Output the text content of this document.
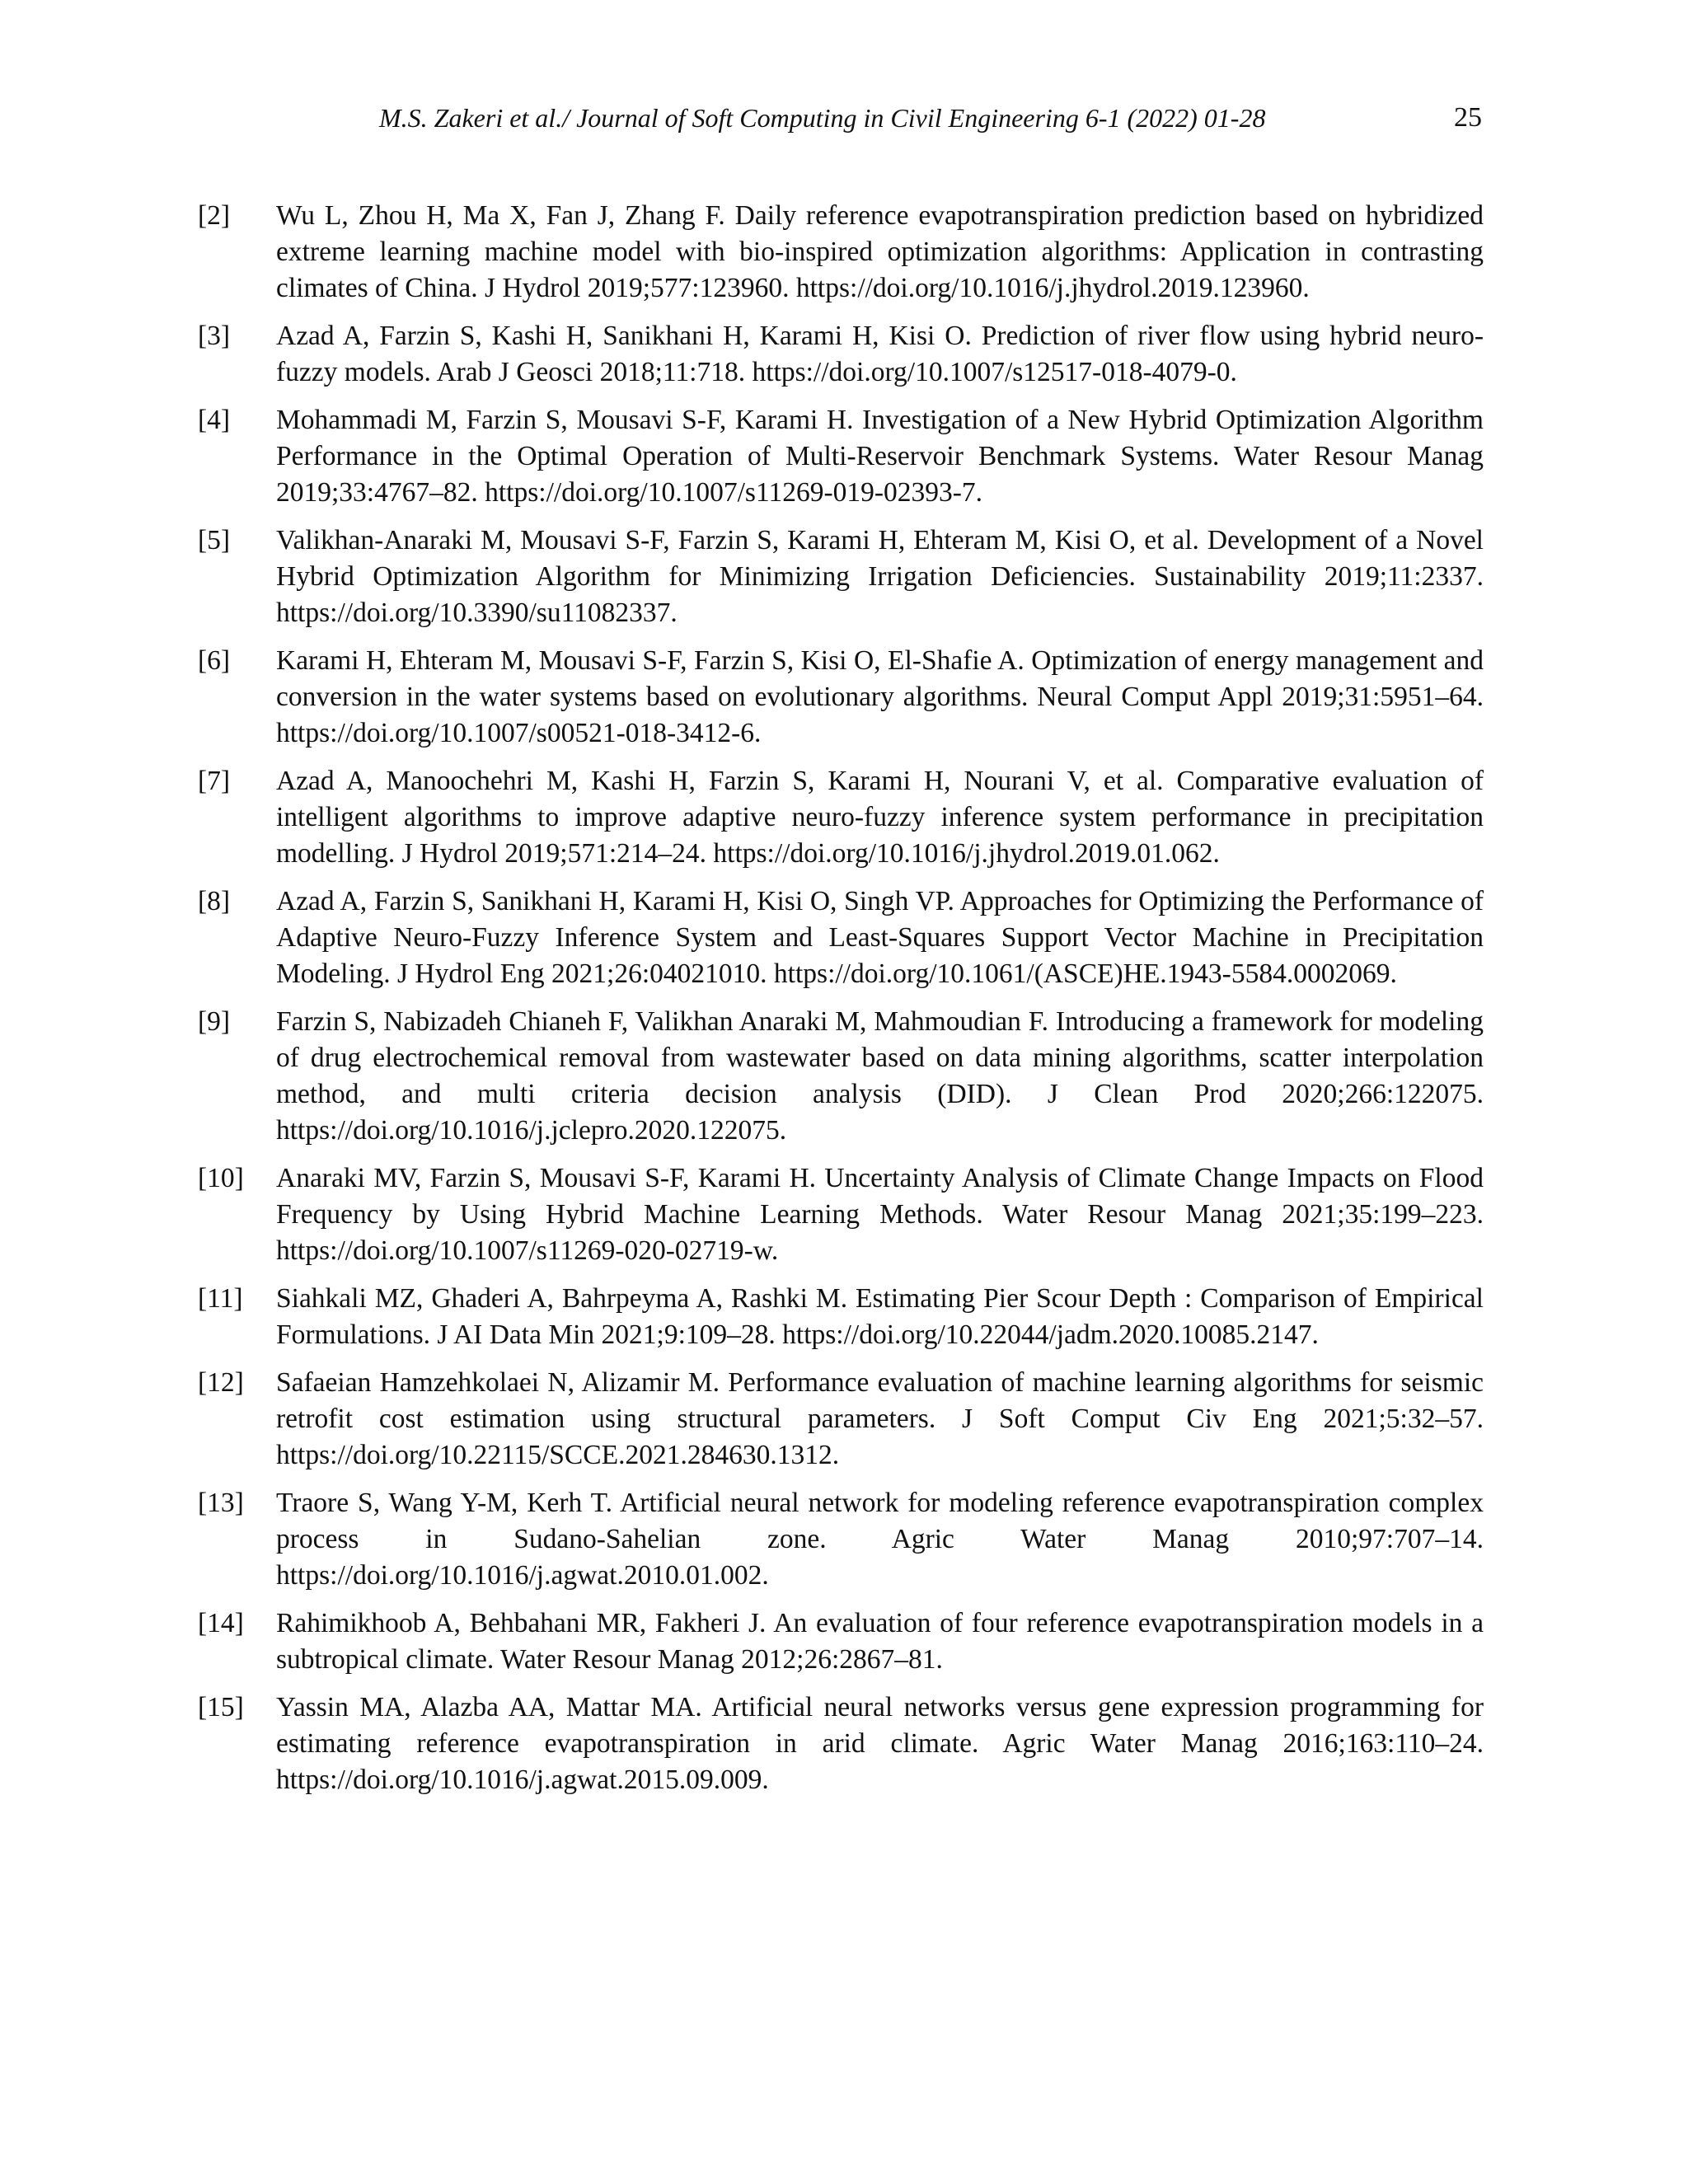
M.S. Zakeri et al./ Journal of Soft Computing in Civil Engineering 6-1 (2022) 01-28	25
[2]	Wu L, Zhou H, Ma X, Fan J, Zhang F. Daily reference evapotranspiration prediction based on hybridized extreme learning machine model with bio-inspired optimization algorithms: Application in contrasting climates of China. J Hydrol 2019;577:123960. https://doi.org/10.1016/j.jhydrol.2019.123960.
[3]	Azad A, Farzin S, Kashi H, Sanikhani H, Karami H, Kisi O. Prediction of river flow using hybrid neuro-fuzzy models. Arab J Geosci 2018;11:718. https://doi.org/10.1007/s12517-018-4079-0.
[4]	Mohammadi M, Farzin S, Mousavi S-F, Karami H. Investigation of a New Hybrid Optimization Algorithm Performance in the Optimal Operation of Multi-Reservoir Benchmark Systems. Water Resour Manag 2019;33:4767–82. https://doi.org/10.1007/s11269-019-02393-7.
[5]	Valikhan-Anaraki M, Mousavi S-F, Farzin S, Karami H, Ehteram M, Kisi O, et al. Development of a Novel Hybrid Optimization Algorithm for Minimizing Irrigation Deficiencies. Sustainability 2019;11:2337. https://doi.org/10.3390/su11082337.
[6]	Karami H, Ehteram M, Mousavi S-F, Farzin S, Kisi O, El-Shafie A. Optimization of energy management and conversion in the water systems based on evolutionary algorithms. Neural Comput Appl 2019;31:5951–64. https://doi.org/10.1007/s00521-018-3412-6.
[7]	Azad A, Manoochehri M, Kashi H, Farzin S, Karami H, Nourani V, et al. Comparative evaluation of intelligent algorithms to improve adaptive neuro-fuzzy inference system performance in precipitation modelling. J Hydrol 2019;571:214–24. https://doi.org/10.1016/j.jhydrol.2019.01.062.
[8]	Azad A, Farzin S, Sanikhani H, Karami H, Kisi O, Singh VP. Approaches for Optimizing the Performance of Adaptive Neuro-Fuzzy Inference System and Least-Squares Support Vector Machine in Precipitation Modeling. J Hydrol Eng 2021;26:04021010. https://doi.org/10.1061/(ASCE)HE.1943-5584.0002069.
[9]	Farzin S, Nabizadeh Chianeh F, Valikhan Anaraki M, Mahmoudian F. Introducing a framework for modeling of drug electrochemical removal from wastewater based on data mining algorithms, scatter interpolation method, and multi criteria decision analysis (DID). J Clean Prod 2020;266:122075. https://doi.org/10.1016/j.jclepro.2020.122075.
[10]	Anaraki MV, Farzin S, Mousavi S-F, Karami H. Uncertainty Analysis of Climate Change Impacts on Flood Frequency by Using Hybrid Machine Learning Methods. Water Resour Manag 2021;35:199–223. https://doi.org/10.1007/s11269-020-02719-w.
[11]	Siahkali MZ, Ghaderi A, Bahrpeyma A, Rashki M. Estimating Pier Scour Depth : Comparison of Empirical Formulations. J AI Data Min 2021;9:109–28. https://doi.org/10.22044/jadm.2020.10085.2147.
[12]	Safaeian Hamzehkolaei N, Alizamir M. Performance evaluation of machine learning algorithms for seismic retrofit cost estimation using structural parameters. J Soft Comput Civ Eng 2021;5:32–57. https://doi.org/10.22115/SCCE.2021.284630.1312.
[13]	Traore S, Wang Y-M, Kerh T. Artificial neural network for modeling reference evapotranspiration complex process in Sudano-Sahelian zone. Agric Water Manag 2010;97:707–14. https://doi.org/10.1016/j.agwat.2010.01.002.
[14]	Rahimikhoob A, Behbahani MR, Fakheri J. An evaluation of four reference evapotranspiration models in a subtropical climate. Water Resour Manag 2012;26:2867–81.
[15]	Yassin MA, Alazba AA, Mattar MA. Artificial neural networks versus gene expression programming for estimating reference evapotranspiration in arid climate. Agric Water Manag 2016;163:110–24. https://doi.org/10.1016/j.agwat.2015.09.009.
